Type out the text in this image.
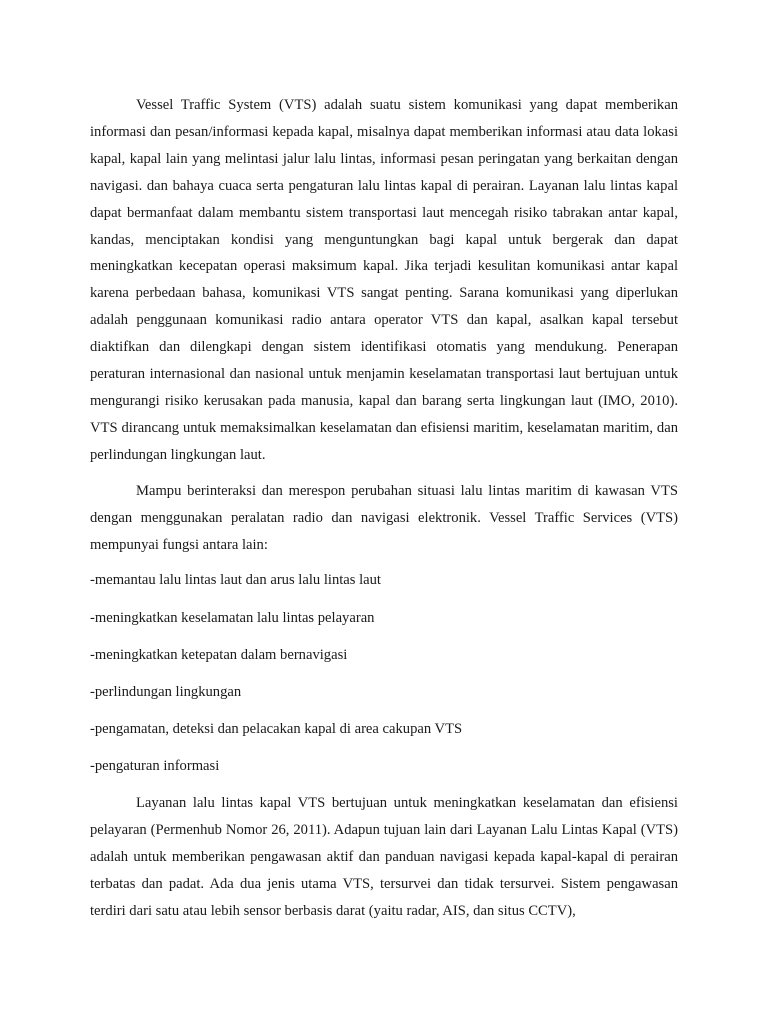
Vessel Traffic System (VTS) adalah suatu sistem komunikasi yang dapat memberikan informasi dan pesan/informasi kepada kapal, misalnya dapat memberikan informasi atau data lokasi kapal, kapal lain yang melintasi jalur lalu lintas, informasi pesan peringatan yang berkaitan dengan navigasi. dan bahaya cuaca serta pengaturan lalu lintas kapal di perairan. Layanan lalu lintas kapal dapat bermanfaat dalam membantu sistem transportasi laut mencegah risiko tabrakan antar kapal, kandas, menciptakan kondisi yang menguntungkan bagi kapal untuk bergerak dan dapat meningkatkan kecepatan operasi maksimum kapal. Jika terjadi kesulitan komunikasi antar kapal karena perbedaan bahasa, komunikasi VTS sangat penting. Sarana komunikasi yang diperlukan adalah penggunaan komunikasi radio antara operator VTS dan kapal, asalkan kapal tersebut diaktifkan dan dilengkapi dengan sistem identifikasi otomatis yang mendukung. Penerapan peraturan internasional dan nasional untuk menjamin keselamatan transportasi laut bertujuan untuk mengurangi risiko kerusakan pada manusia, kapal dan barang serta lingkungan laut (IMO, 2010). VTS dirancang untuk memaksimalkan keselamatan dan efisiensi maritim, keselamatan maritim, dan perlindungan lingkungan laut.

Mampu berinteraksi dan merespon perubahan situasi lalu lintas maritim di kawasan VTS dengan menggunakan peralatan radio dan navigasi elektronik. Vessel Traffic Services (VTS) mempunyai fungsi antara lain:

-memantau lalu lintas laut dan arus lalu lintas laut

-meningkatkan keselamatan lalu lintas pelayaran

-meningkatkan ketepatan dalam bernavigasi

-perlindungan lingkungan

-pengamatan, deteksi dan pelacakan kapal di area cakupan VTS

-pengaturan informasi

Layanan lalu lintas kapal VTS bertujuan untuk meningkatkan keselamatan dan efisiensi pelayaran (Permenhub Nomor 26, 2011). Adapun tujuan lain dari Layanan Lalu Lintas Kapal (VTS) adalah untuk memberikan pengawasan aktif dan panduan navigasi kepada kapal-kapal di perairan terbatas dan padat. Ada dua jenis utama VTS, tersurvei dan tidak tersurvei. Sistem pengawasan terdiri dari satu atau lebih sensor berbasis darat (yaitu radar, AIS, dan situs CCTV),
